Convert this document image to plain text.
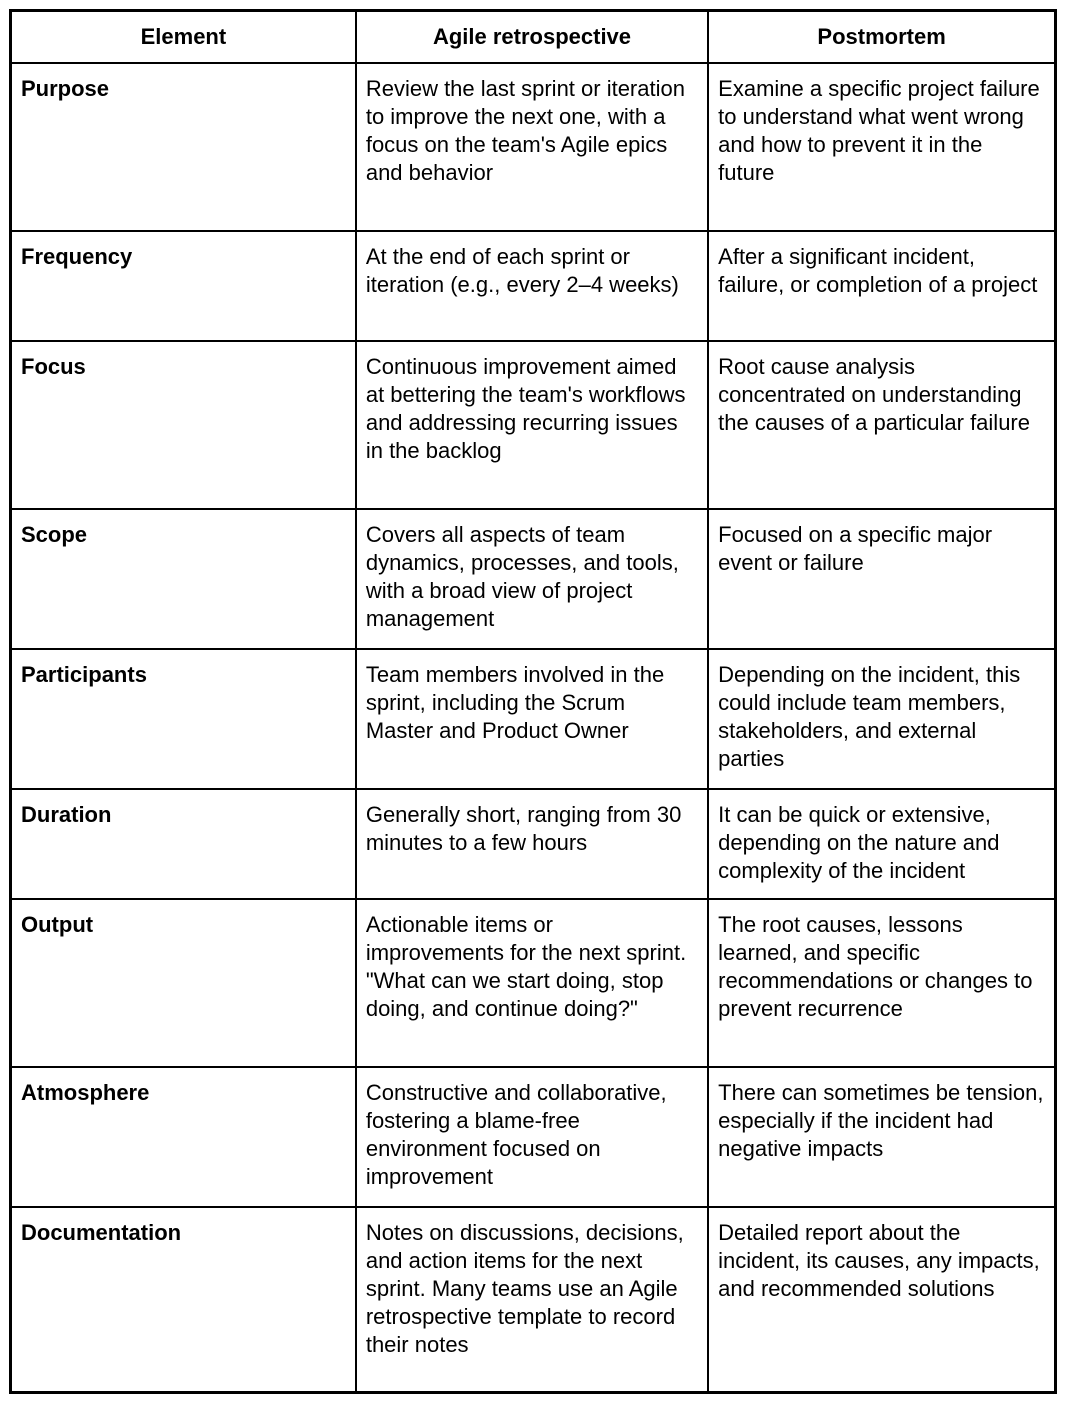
Element	Agile retrospective	Postmortem
Purpose	Review the last sprint or iteration to improve the next one, with a focus on the team's Agile epics and behavior	Examine a specific project failure to understand what went wrong and how to prevent it in the future
Frequency	At the end of each sprint or iteration (e.g., every 2–4 weeks)	After a significant incident, failure, or completion of a project
Focus	Continuous improvement aimed at bettering the team's workflows and addressing recurring issues in the backlog	Root cause analysis concentrated on understanding the causes of a particular failure
Scope	Covers all aspects of team dynamics, processes, and tools, with a broad view of project management	Focused on a specific major event or failure
Participants	Team members involved in the sprint, including the Scrum Master and Product Owner	Depending on the incident, this could include team members, stakeholders, and external parties
Duration	Generally short, ranging from 30 minutes to a few hours	It can be quick or extensive, depending on the nature and complexity of the incident
Output	Actionable items or improvements for the next sprint. "What can we start doing, stop doing, and continue doing?"	The root causes, lessons learned, and specific recommendations or changes to prevent recurrence
Atmosphere	Constructive and collaborative, fostering a blame-free environment focused on improvement	There can sometimes be tension, especially if the incident had negative impacts
Documentation	Notes on discussions, decisions, and action items for the next sprint. Many teams use an Agile retrospective template to record their notes	Detailed report about the incident, its causes, any impacts, and recommended solutions
